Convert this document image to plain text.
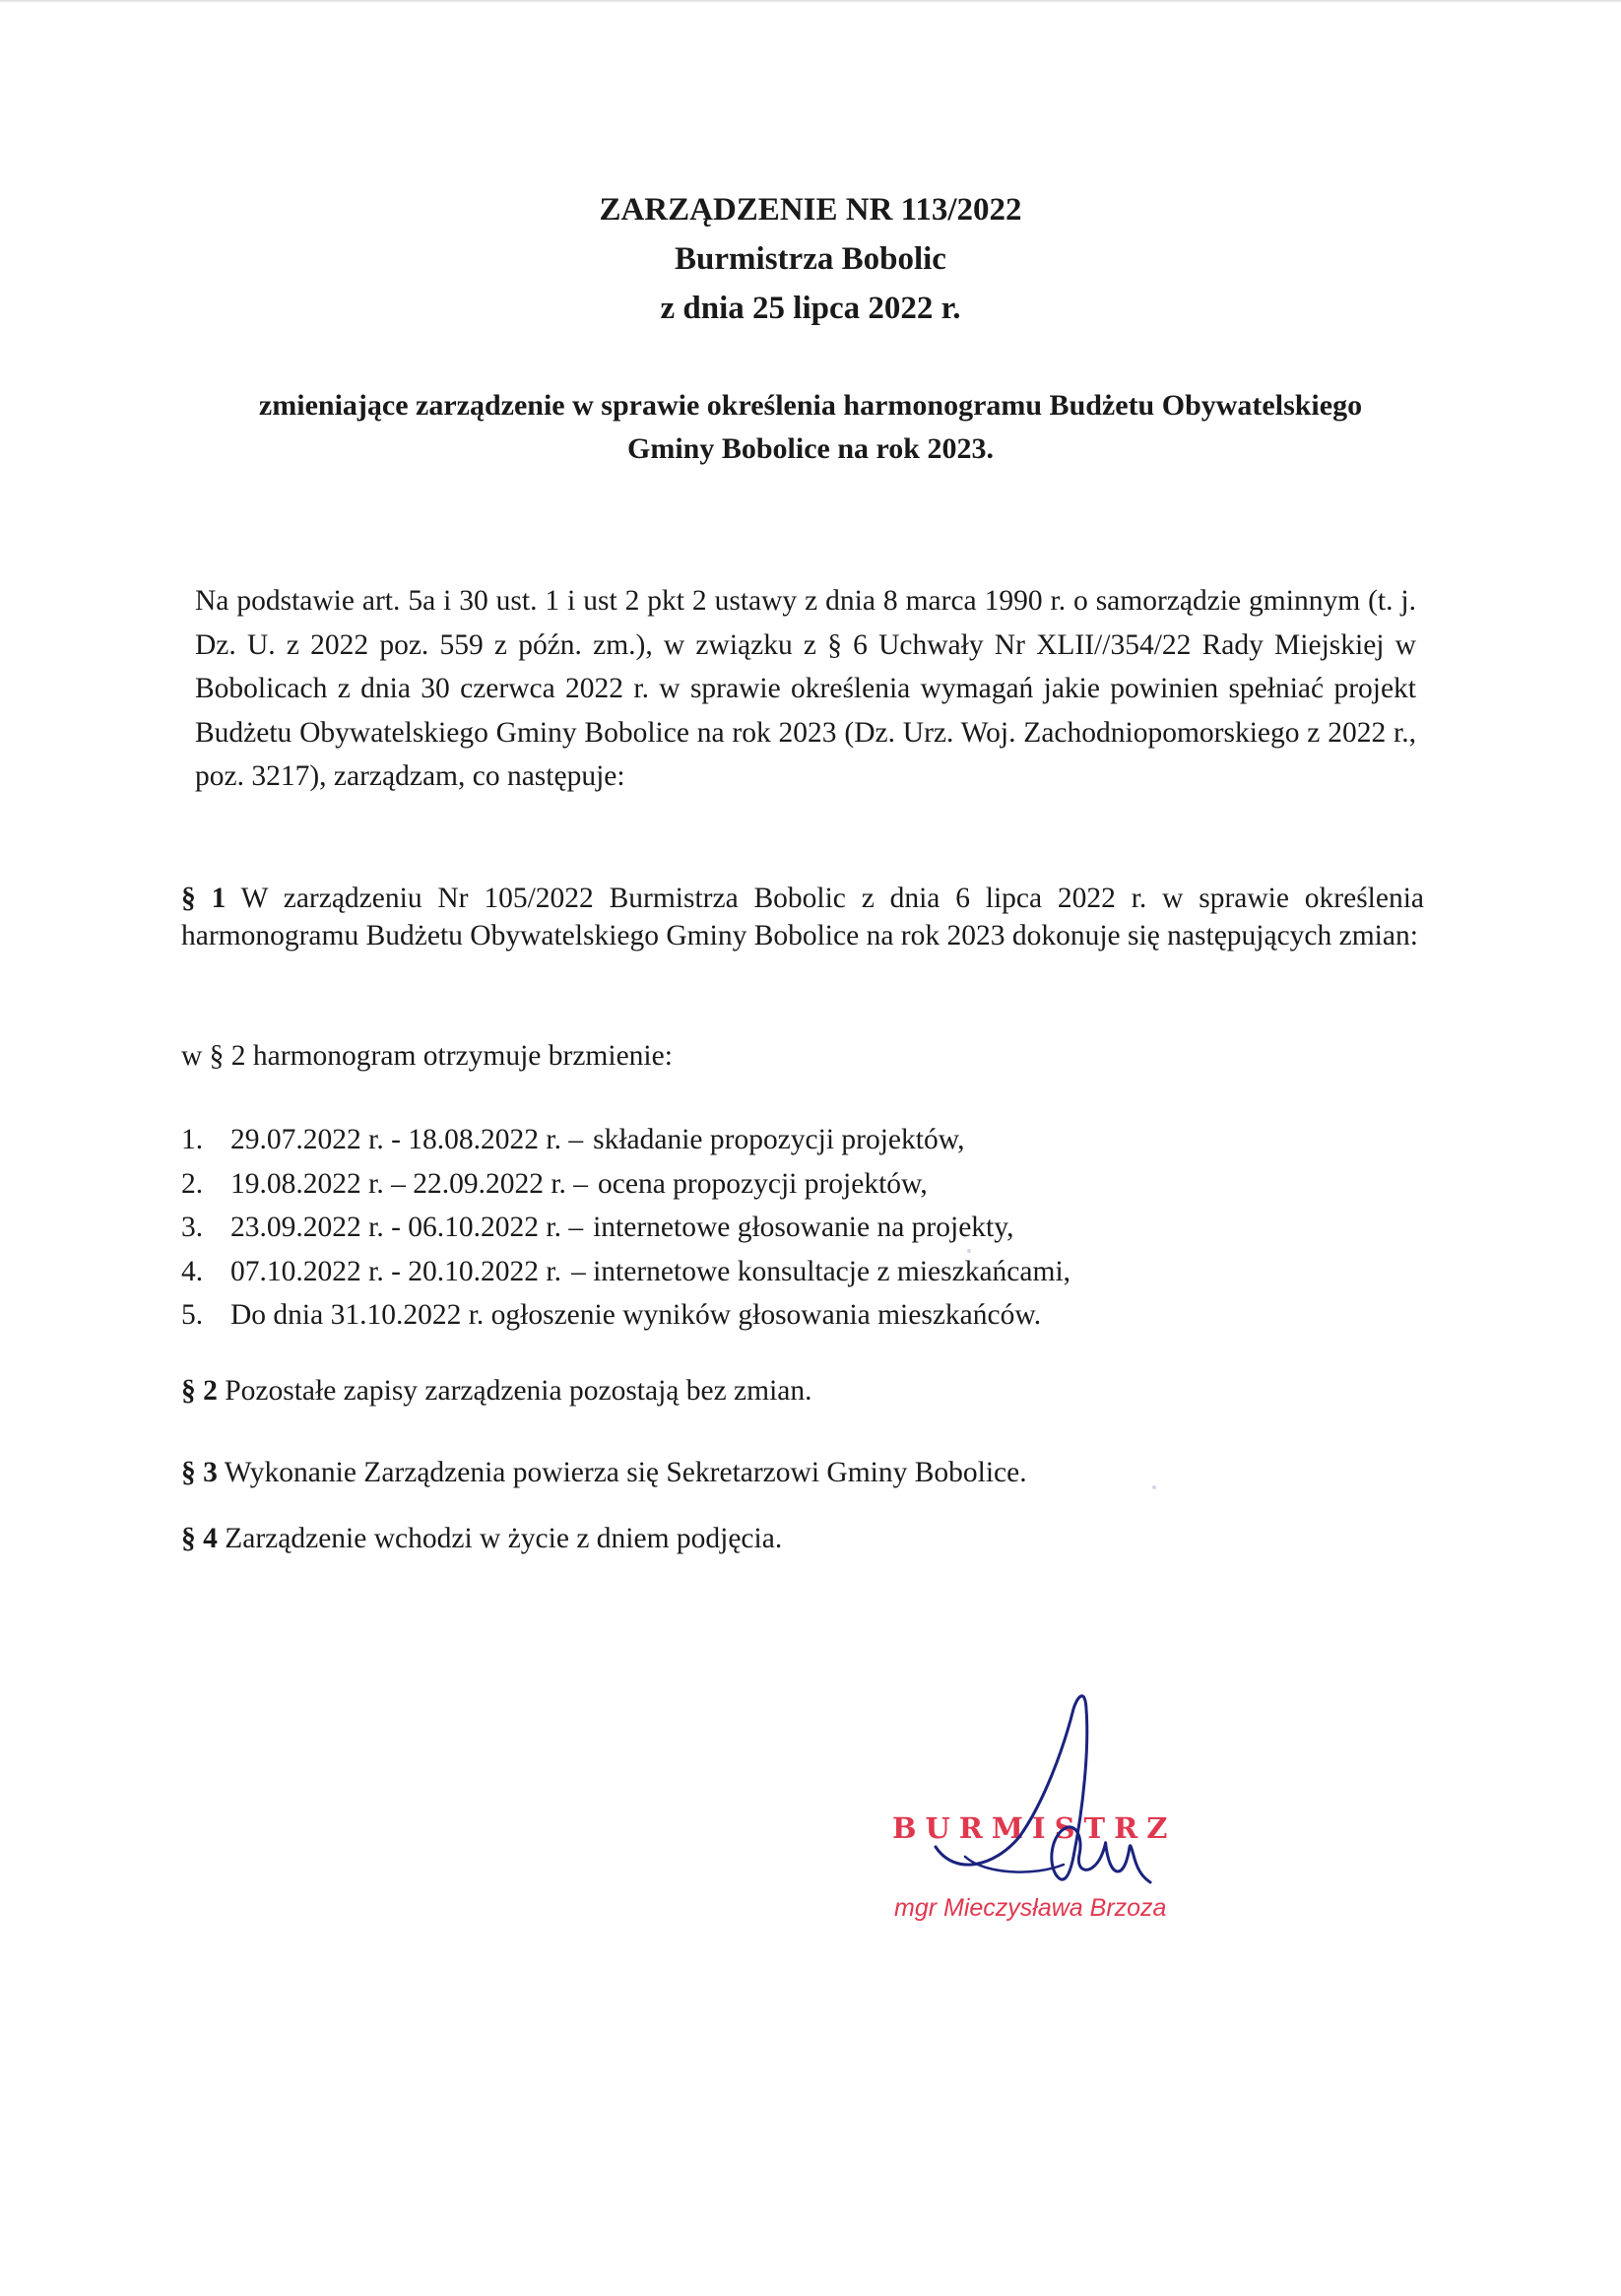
ZARZĄDZENIE NR 113/2022
Burmistrza Bobolic
z dnia 25 lipca 2022 r.
zmieniające zarządzenie w sprawie określenia harmonogramu Budżetu Obywatelskiego
Gminy Bobolice na rok 2023.
Na podstawie art. 5a i 30 ust. 1 i ust 2 pkt 2 ustawy z dnia 8 marca 1990 r. o samorządzie gminnym (t. j. Dz. U. z 2022 poz. 559 z późn. zm.), w związku z § 6 Uchwały Nr XLII//354/22 Rady Miejskiej w Bobolicach z dnia 30 czerwca 2022 r. w sprawie określenia wymagań jakie powinien spełniać projekt Budżetu Obywatelskiego Gminy Bobolice na rok 2023 (Dz. Urz. Woj. Zachodniopomorskiego z 2022 r., poz. 3217), zarządzam, co następuje:
§ 1 W zarządzeniu Nr 105/2022 Burmistrza Bobolic z dnia 6 lipca 2022 r. w sprawie określenia harmonogramu Budżetu Obywatelskiego Gminy Bobolice na rok 2023 dokonuje się następujących zmian:
w § 2 harmonogram otrzymuje brzmienie:
1. 29.07.2022 r. - 18.08.2022 r. – składanie propozycji projektów,
2. 19.08.2022 r. – 22.09.2022 r. – ocena propozycji projektów,
3. 23.09.2022 r. - 06.10.2022 r. – internetowe głosowanie na projekty,
4. 07.10.2022 r. - 20.10.2022 r. – internetowe konsultacje z mieszkańcami,
5. Do dnia 31.10.2022 r. ogłoszenie wyników głosowania mieszkańców.
§ 2 Pozostałe zapisy zarządzenia pozostają bez zmian.
§ 3 Wykonanie Zarządzenia powierza się Sekretarzowi Gminy Bobolice.
§ 4 Zarządzenie wchodzi w życie z dniem podjęcia.
BURMISTRZ
mgr Mieczysława Brzoza
